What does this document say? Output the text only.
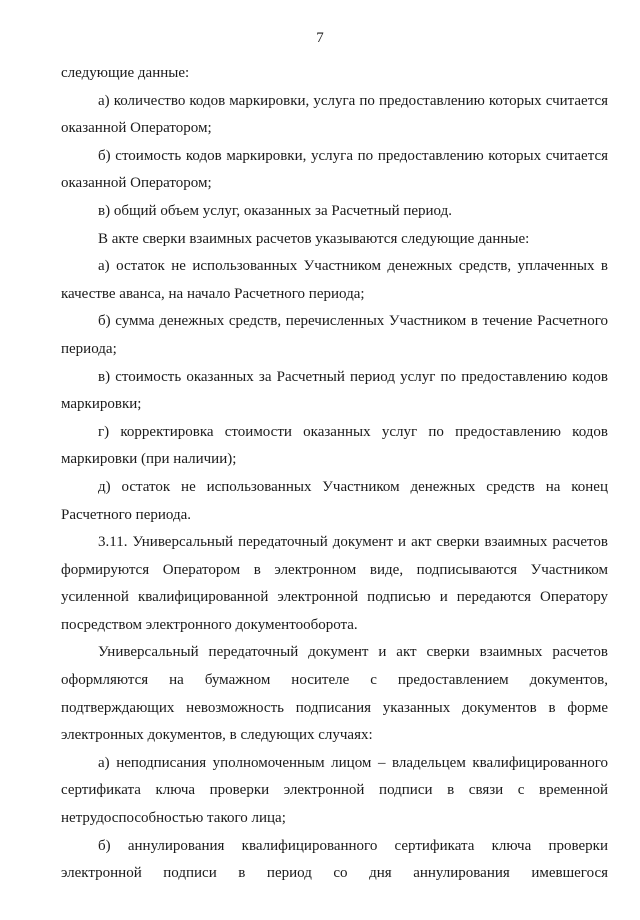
7

следующие данные:

а) количество кодов маркировки, услуга по предоставлению которых считается оказанной Оператором;

б) стоимость кодов маркировки, услуга по предоставлению которых считается оказанной Оператором;

в) общий объем услуг, оказанных за Расчетный период.

В акте сверки взаимных расчетов указываются следующие данные:

а) остаток не использованных Участником денежных средств, уплаченных в качестве аванса, на начало Расчетного периода;

б) сумма денежных средств, перечисленных Участником в течение Расчетного периода;

в) стоимость оказанных за Расчетный период услуг по предоставлению кодов маркировки;

г) корректировка стоимости оказанных услуг по предоставлению кодов маркировки (при наличии);

д) остаток не использованных Участником денежных средств на конец Расчетного периода.

3.11. Универсальный передаточный документ и акт сверки взаимных расчетов формируются Оператором в электронном виде, подписываются Участником усиленной квалифицированной электронной подписью и передаются Оператору посредством электронного документооборота.

Универсальный передаточный документ и акт сверки взаимных расчетов оформляются на бумажном носителе с предоставлением документов, подтверждающих невозможность подписания указанных документов в форме электронных документов, в следующих случаях:

а) неподписания уполномоченным лицом – владельцем квалифицированного сертификата ключа проверки электронной подписи в связи с временной нетрудоспособностью такого лица;

б) аннулирования квалифицированного сертификата ключа проверки электронной подписи в период со дня аннулирования имевшегося
